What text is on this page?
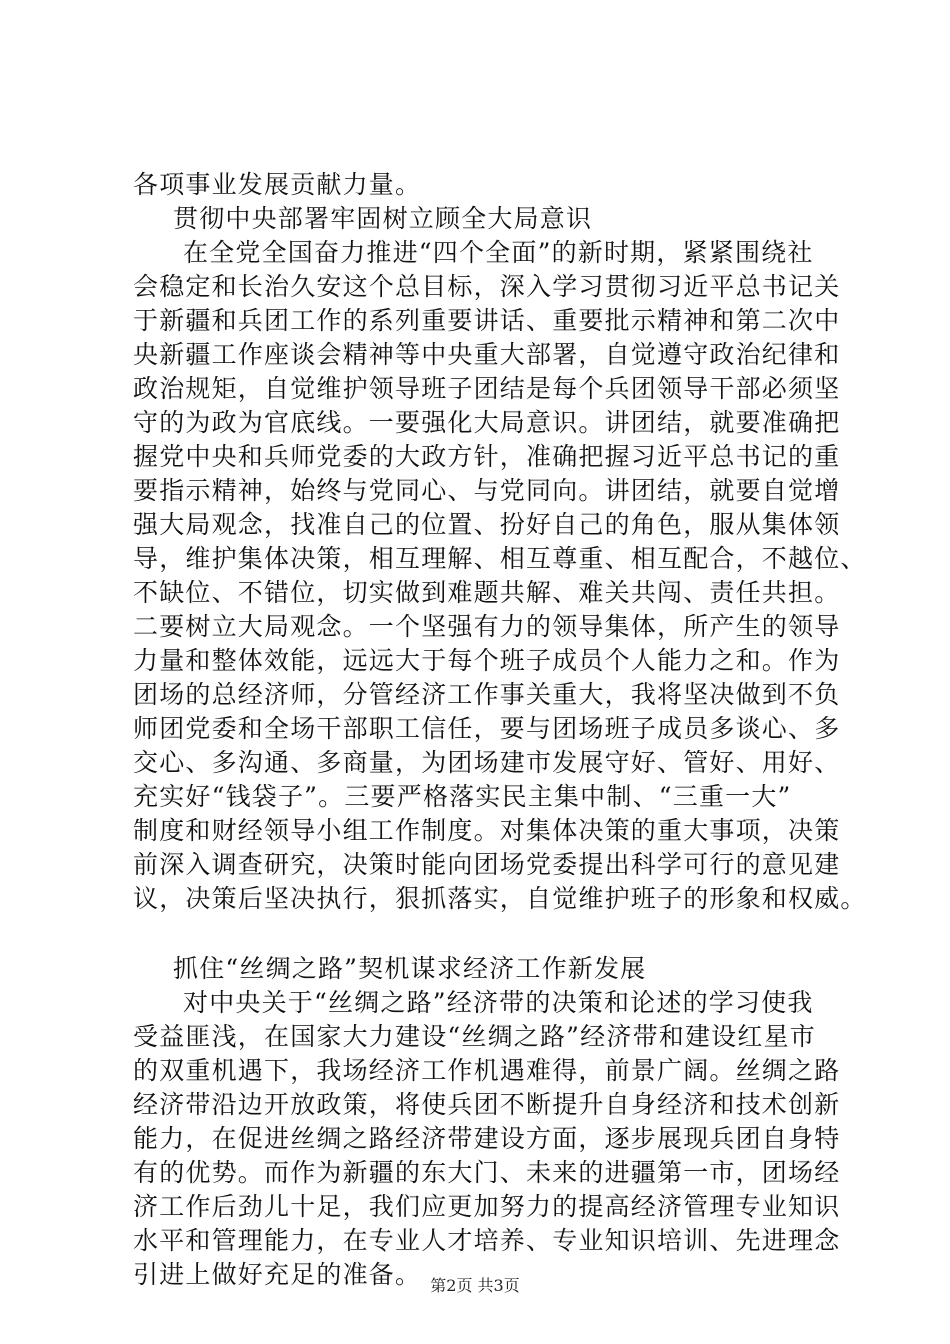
各项事业发展贡献力量。
贯彻中央部署牢固树立顾全大局意识
在全党全国奋力推进“四个全面”的新时期，紧紧围绕社
会稳定和长治久安这个总目标，深入学习贯彻习近平总书记关
于新疆和兵团工作的系列重要讲话、重要批示精神和第二次中
央新疆工作座谈会精神等中央重大部署，自觉遵守政治纪律和
政治规矩，自觉维护领导班子团结是每个兵团领导干部必须坚
守的为政为官底线。一要强化大局意识。讲团结，就要准确把
握党中央和兵师党委的大政方针，准确把握习近平总书记的重
要指示精神，始终与党同心、与党同向。讲团结，就要自觉增
强大局观念，找准自己的位置、扮好自己的角色，服从集体领
导，维护集体决策，相互理解、相互尊重、相互配合，不越位、
不缺位、不错位，切实做到难题共解、难关共闯、责任共担。
二要树立大局观念。一个坚强有力的领导集体，所产生的领导
力量和整体效能，远远大于每个班子成员个人能力之和。作为
团场的总经济师，分管经济工作事关重大，我将坚决做到不负
师团党委和全场干部职工信任，要与团场班子成员多谈心、多
交心、多沟通、多商量，为团场建市发展守好、管好、用好、
充实好“钱袋子”。三要严格落实民主集中制、“三重一大”
制度和财经领导小组工作制度。对集体决策的重大事项，决策
前深入调查研究，决策时能向团场党委提出科学可行的意见建
议，决策后坚决执行，狠抓落实，自觉维护班子的形象和权威。
抓住“丝绸之路”契机谋求经济工作新发展
对中央关于“丝绸之路”经济带的决策和论述的学习使我
受益匪浅，在国家大力建设“丝绸之路”经济带和建设红星市
的双重机遇下，我场经济工作机遇难得，前景广阔。丝绸之路
经济带沿边开放政策，将使兵团不断提升自身经济和技术创新
能力，在促进丝绸之路经济带建设方面，逐步展现兵团自身特
有的优势。而作为新疆的东大门、未来的进疆第一市，团场经
济工作后劲儿十足，我们应更加努力的提高经济管理专业知识
水平和管理能力，在专业人才培养、专业知识培训、先进理念
引进上做好充足的准备。 第2页 共3页
